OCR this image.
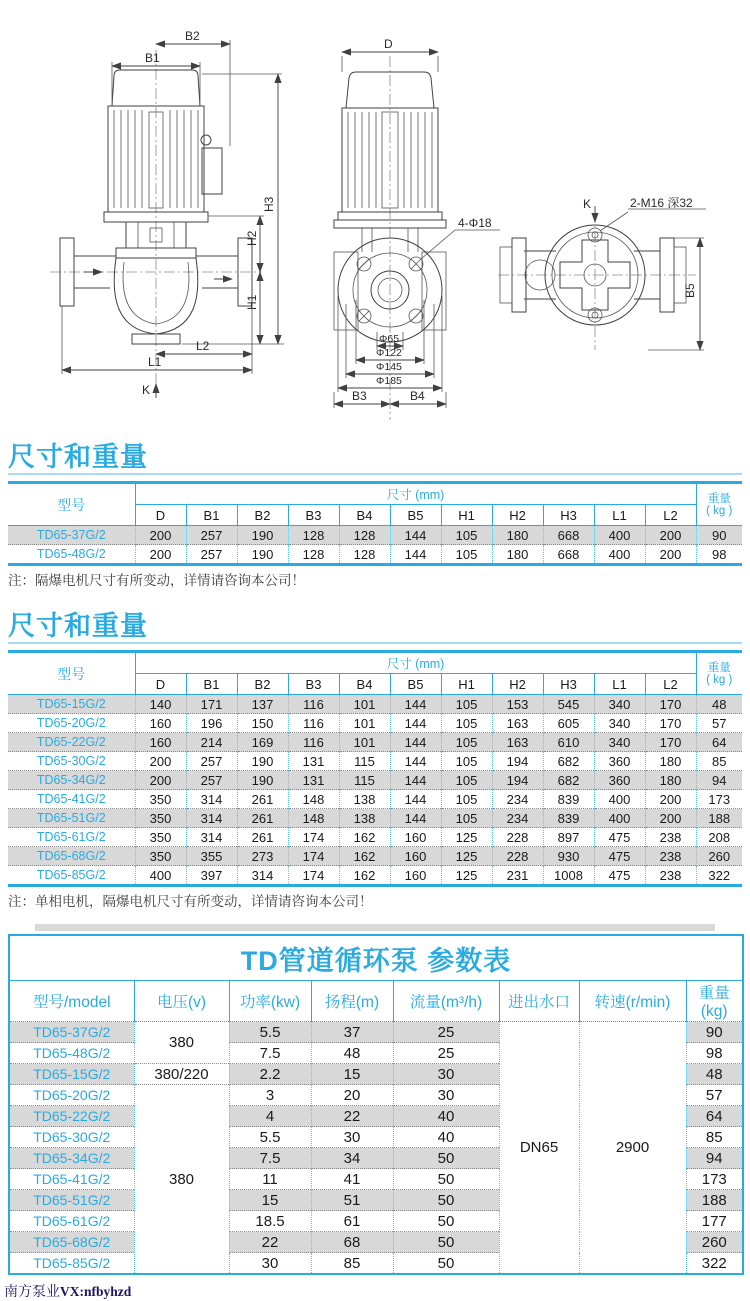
B2
B1
H3
H2
H1
L2
L1
K
D
4-Φ18
Φ65
Φ122
Φ145
Φ185
B3	B4
K	2-M16 深32
B5
尺寸和重量
型号	尺寸 (mm)											重量
( kg )

	D	B1	B2	B3	B4	B5	H1	H2	H3	L1	L2	
TD65-37G/2	200	257	190	128	128	144	105	180	668	400	200	90
TD65-48G/2	200	257	190	128	128	144	105	180	668	400	200	98
注：隔爆电机尺寸有所变动，详情请咨询本公司！
尺寸和重量
型号	尺寸 (mm)											重量
( kg )

	D	B1	B2	B3	B4	B5	H1	H2	H3	L1	L2	
TD65-15G/2	140	171	137	116	101	144	105	153	545	340	170	48
TD65-20G/2	160	196	150	116	101	144	105	163	605	340	170	57
TD65-22G/2	160	214	169	116	101	144	105	163	610	340	170	64
TD65-30G/2	200	257	190	131	115	144	105	194	682	360	180	85
TD65-34G/2	200	257	190	131	115	144	105	194	682	360	180	94
TD65-41G/2	350	314	261	148	138	144	105	234	839	400	200	173
TD65-51G/2	350	314	261	148	138	144	105	234	839	400	200	188
TD65-61G/2	350	314	261	174	162	160	125	228	897	475	238	208
TD65-68G/2	350	355	273	174	162	160	125	228	930	475	238	260
TD65-85G/2	400	397	314	174	162	160	125	231	1008	475	238	322
注：单相电机，隔爆电机尺寸有所变动，详情请咨询本公司！
TD管道循环泵 参数表							
型号/model	电压(v)	功率(kw)	扬程(m)	流量(m³/h)	进出水口	转速(r/min)	重量(kg)
TD65-37G/2	380	5.5	37	25	DN65	2900	90
TD65-48G/2		7.5	48	25			98
TD65-15G/2	380/220	2.2	15	30			48
TD65-20G/2	380	3	20	30			57
TD65-22G/2		4	22	40			64
TD65-30G/2		5.5	30	40			85
TD65-34G/2		7.5	34	50			94
TD65-41G/2		11	41	50			173
TD65-51G/2		15	51	50			188
TD65-61G/2		18.5	61	50			177
TD65-68G/2		22	68	50			260
TD65-85G/2		30	85	50			322
南方泵业VX:nfbyhzd
